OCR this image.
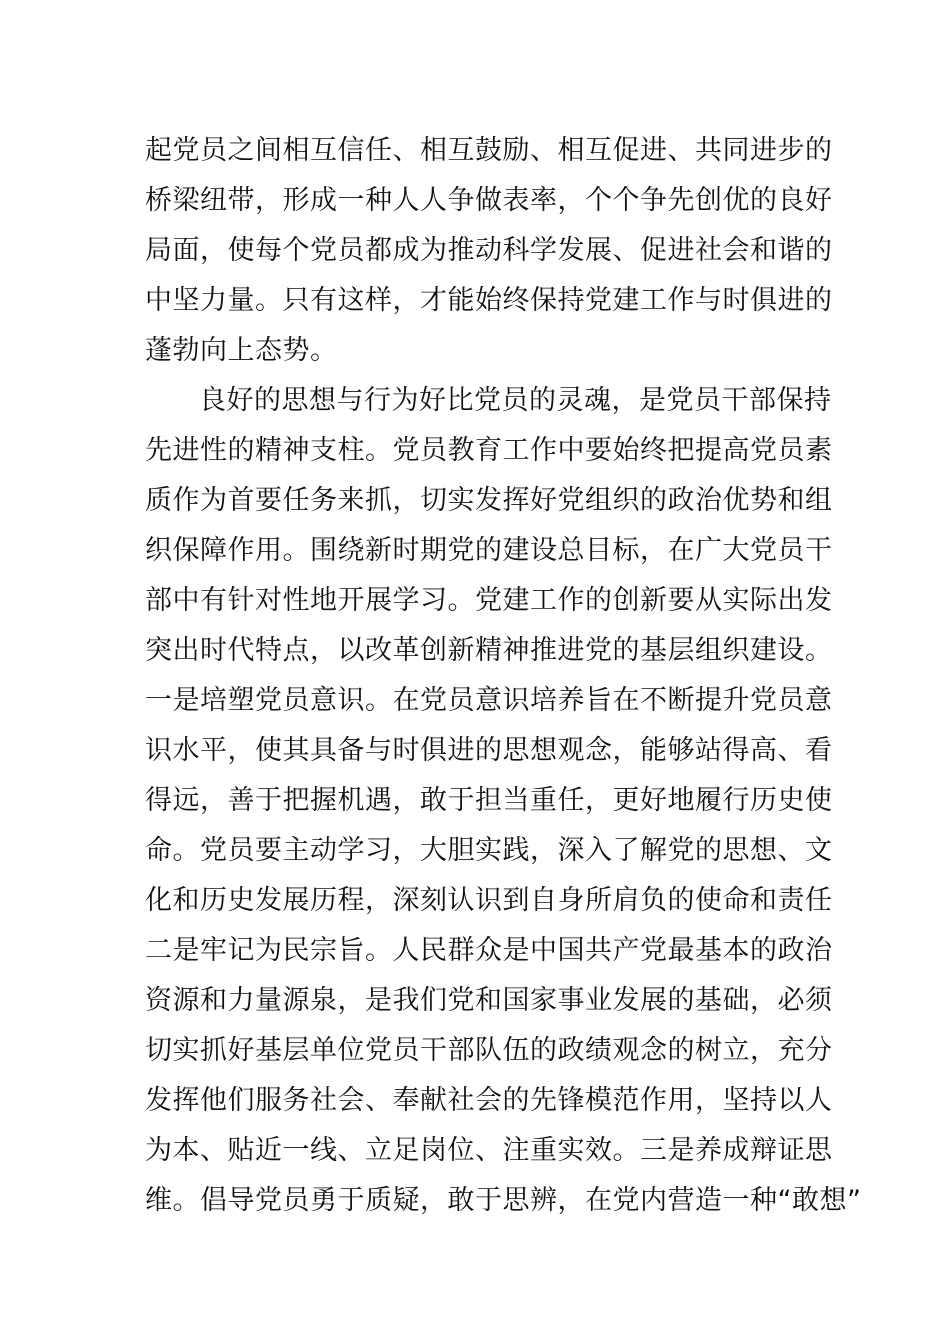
起党员之间相互信任、相互鼓励、相互促进、共同进步的
桥梁纽带，形成一种人人争做表率，个个争先创优的良好
局面，使每个党员都成为推动科学发展、促进社会和谐的
中坚力量。只有这样，才能始终保持党建工作与时俱进的
蓬勃向上态势。
良好的思想与行为好比党员的灵魂，是党员干部保持
先进性的精神支柱。党员教育工作中要始终把提高党员素
质作为首要任务来抓，切实发挥好党组织的政治优势和组
织保障作用。围绕新时期党的建设总目标，在广大党员干
部中有针对性地开展学习。党建工作的创新要从实际出发
突出时代特点，以改革创新精神推进党的基层组织建设。
一是培塑党员意识。在党员意识培养旨在不断提升党员意
识水平，使其具备与时俱进的思想观念，能够站得高、看
得远，善于把握机遇，敢于担当重任，更好地履行历史使
命。党员要主动学习，大胆实践，深入了解党的思想、文
化和历史发展历程，深刻认识到自身所肩负的使命和责任
二是牢记为民宗旨。人民群众是中国共产党最基本的政治
资源和力量源泉，是我们党和国家事业发展的基础，必须
切实抓好基层单位党员干部队伍的政绩观念的树立，充分
发挥他们服务社会、奉献社会的先锋模范作用，坚持以人
为本、贴近一线、立足岗位、注重实效。三是养成辩证思
维。倡导党员勇于质疑，敢于思辨，在党内营造一种“敢想”
